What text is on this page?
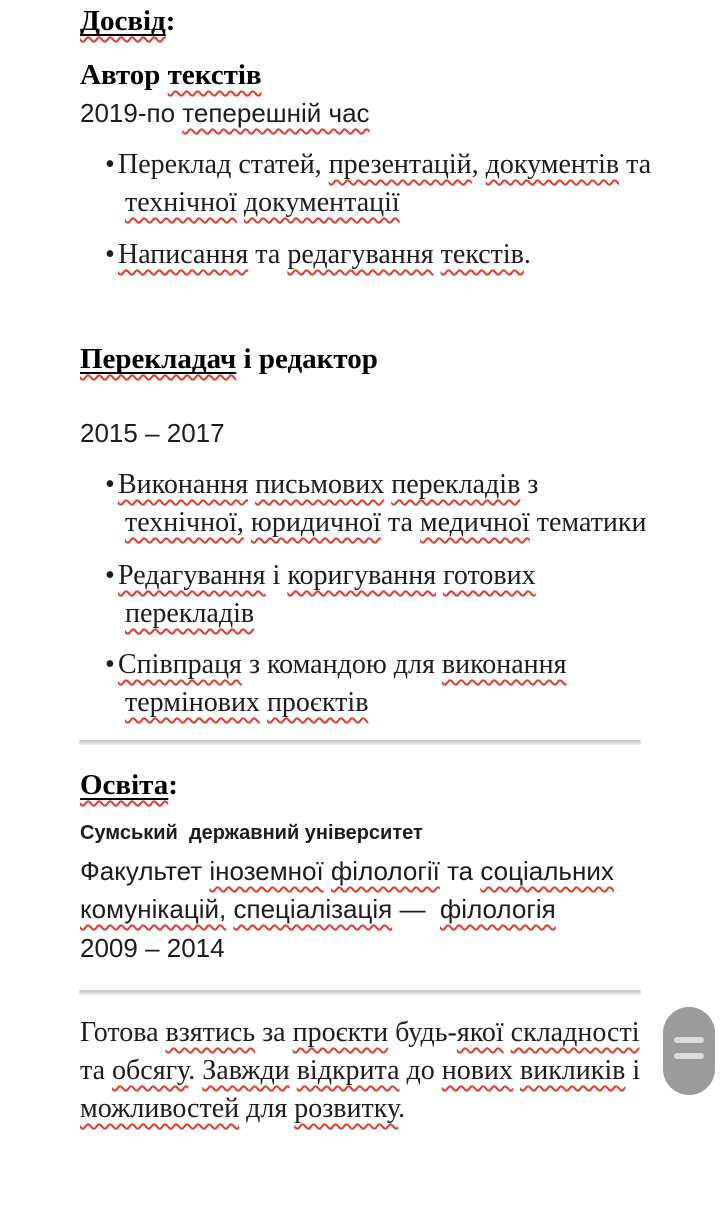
Досвід:
Автор текстів
2019-по теперешній час
• Переклад статей, презентацій, документів та
технічної документації
• Написання та редагування текстів.
Перекладач і редактор
2015 – 2017
• Виконання письмових перекладів з
технічної, юридичної та медичної тематики
• Редагування і коригування готових
перекладів
• Співпраця з командою для виконання
термінових проєктів
Освіта:
Сумський  державний університет
Факультет іноземної філології та соціальних
комунікацій, спеціалізація —  філологія
2009 – 2014
Готова взятись за проєкти будь-якої складності
та обсягу. Завжди відкрита до нових викликів і
можливостей для розвитку.
